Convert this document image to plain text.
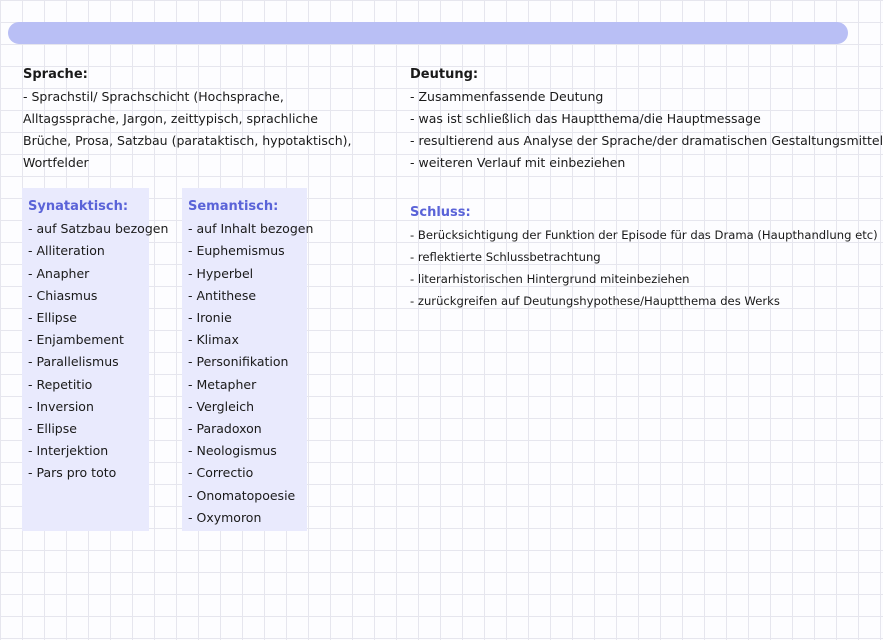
Sprache:
- Sprachstil/ Sprachschicht (Hochsprache,
Alltagssprache, Jargon, zeittypisch, sprachliche
Brüche, Prosa, Satzbau (parataktisch, hypotaktisch),
Wortfelder
Synataktisch:
- auf Satzbau bezogen
- Alliteration
- Anapher
- Chiasmus
- Ellipse
- Enjambement
- Parallelismus
- Repetitio
- Inversion
- Ellipse
- Interjektion
- Pars pro toto
Semantisch:
- auf Inhalt bezogen
- Euphemismus
- Hyperbel
- Antithese
- Ironie
- Klimax
- Personifikation
- Metapher
- Vergleich
- Paradoxon
- Neologismus
- Correctio
- Onomatopoesie
- Oxymoron
Deutung:
- Zusammenfassende Deutung
- was ist schließlich das Hauptthema/die Hauptmessage
- resultierend aus Analyse der Sprache/der dramatischen Gestaltungsmittel
- weiteren Verlauf mit einbeziehen
Schluss:
- Berücksichtigung der Funktion der Episode für das Drama (Haupthandlung etc)
- reflektierte Schlussbetrachtung
- literarhistorischen Hintergrund miteinbeziehen
- zurückgreifen auf Deutungshypothese/Hauptthema des Werks
